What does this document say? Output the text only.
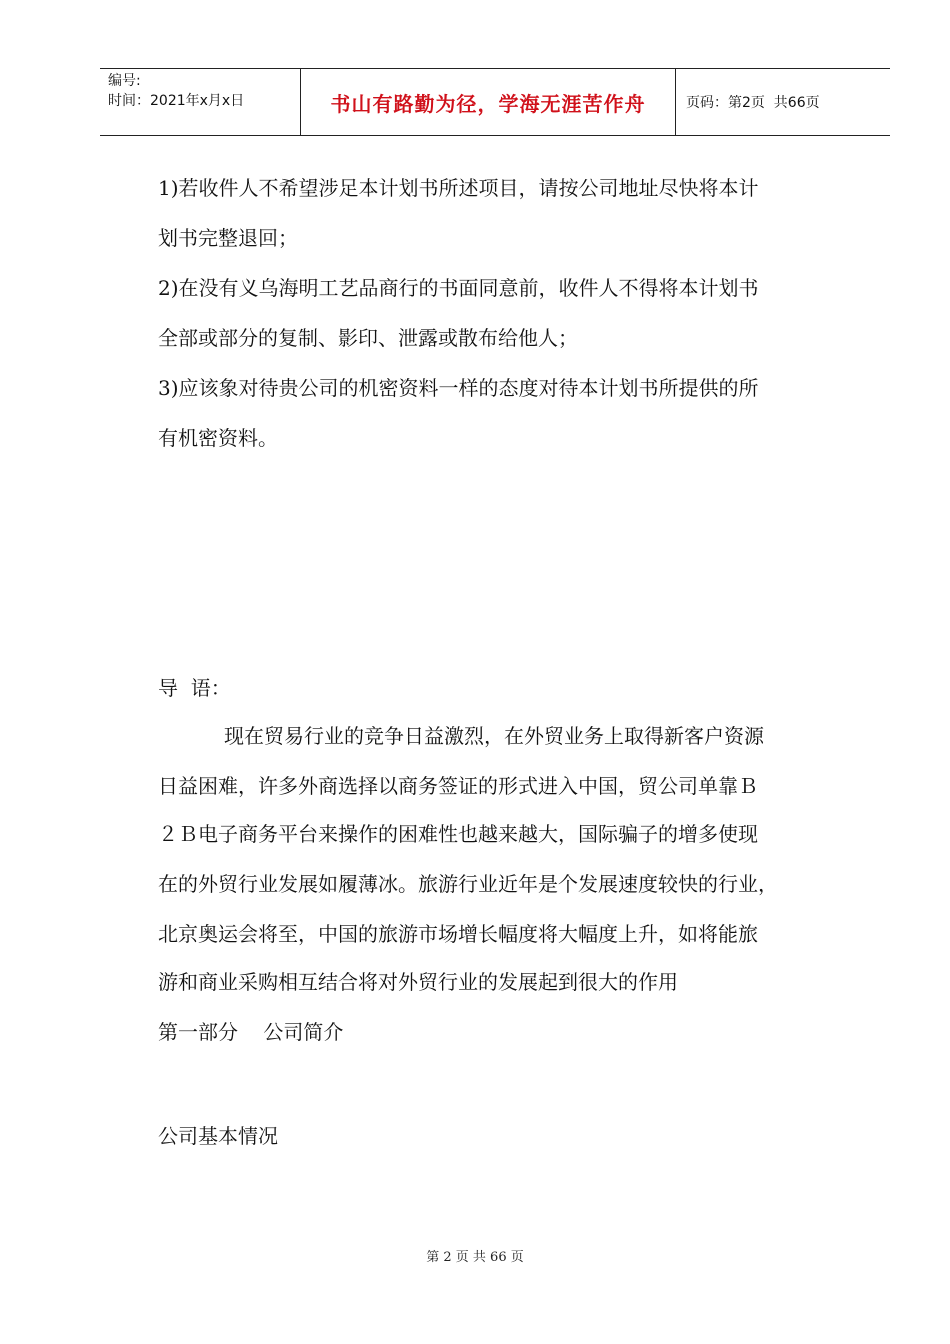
编号:
时间：2021年x月x日	书山有路勤为径，学海无涯苦作舟	页码：第2页  共66页
1)若收件人不希望涉足本计划书所述项目，请按公司地址尽快将本计
划书完整退回；
2)在没有义乌海明工艺品商行的书面同意前，收件人不得将本计划书
全部或部分的复制、影印、泄露或散布给他人；
3)应该象对待贵公司的机密资料一样的态度对待本计划书所提供的所
有机密资料。
导  语：
现在贸易行业的竞争日益激烈，在外贸业务上取得新客户资源
日益困难，许多外商选择以商务签证的形式进入中国，贸公司单靠Ｂ
２Ｂ电子商务平台来操作的困难性也越来越大，国际骗子的增多使现
在的外贸行业发展如履薄冰。旅游行业近年是个发展速度较快的行业，
北京奥运会将至，中国的旅游市场增长幅度将大幅度上升，如将能旅
游和商业采购相互结合将对外贸行业的发展起到很大的作用
第一部分    公司简介
公司基本情况
第 2 页 共 66 页
